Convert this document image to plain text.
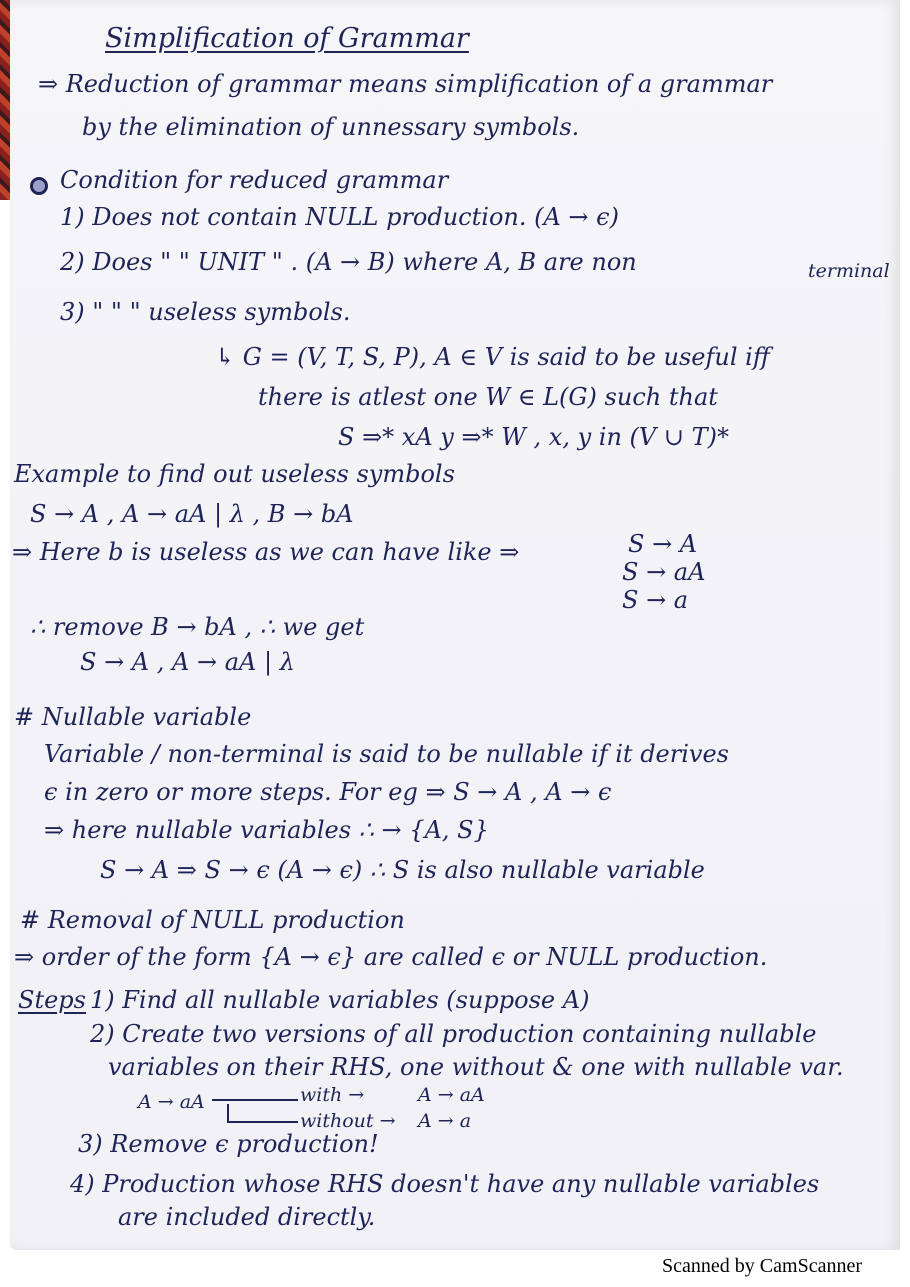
Simplification of Grammar
⇒ Reduction of grammar means simplification of a grammar
by the elimination of unnessary symbols.
Condition for reduced grammar
1) Does not contain NULL production. (A → ϵ)
2) Does " " UNIT " . (A → B) where A, B are non	terminal
3) " " " useless symbols.
↳ G = (V, T, S, P), A ∈ V is said to be useful iff
there is atlest one W ∈ L(G) such that
S ⇒* xA y ⇒* W , x, y in (V ∪ T)*
Example to find out useless symbols
S → A , A → aA | λ , B → bA
⇒ Here b is useless as we can have like ⇒	S → A
S → aA
S → a
∴ remove B → bA , ∴ we get
S → A , A → aA | λ
# Nullable variable
Variable / non-terminal is said to be nullable if it derives
ϵ in zero or more steps. For eg ⇒ S → A , A → ϵ
⇒ here nullable variables ∴ → {A, S}
S → A ⇒ S → ϵ (A → ϵ) ∴ S is also nullable variable
# Removal of NULL production
⇒ order of the form {A → ϵ} are called ϵ or NULL production.
Steps 1) Find all nullable variables (suppose A)
2) Create two versions of all production containing nullable
variables on their RHS, one without & one with nullable var.
A → aA	with →	A → aA
without → A → a
3) Remove ϵ production!
4) Production whose RHS doesn't have any nullable variables
are included directly.
Scanned by CamScanner
